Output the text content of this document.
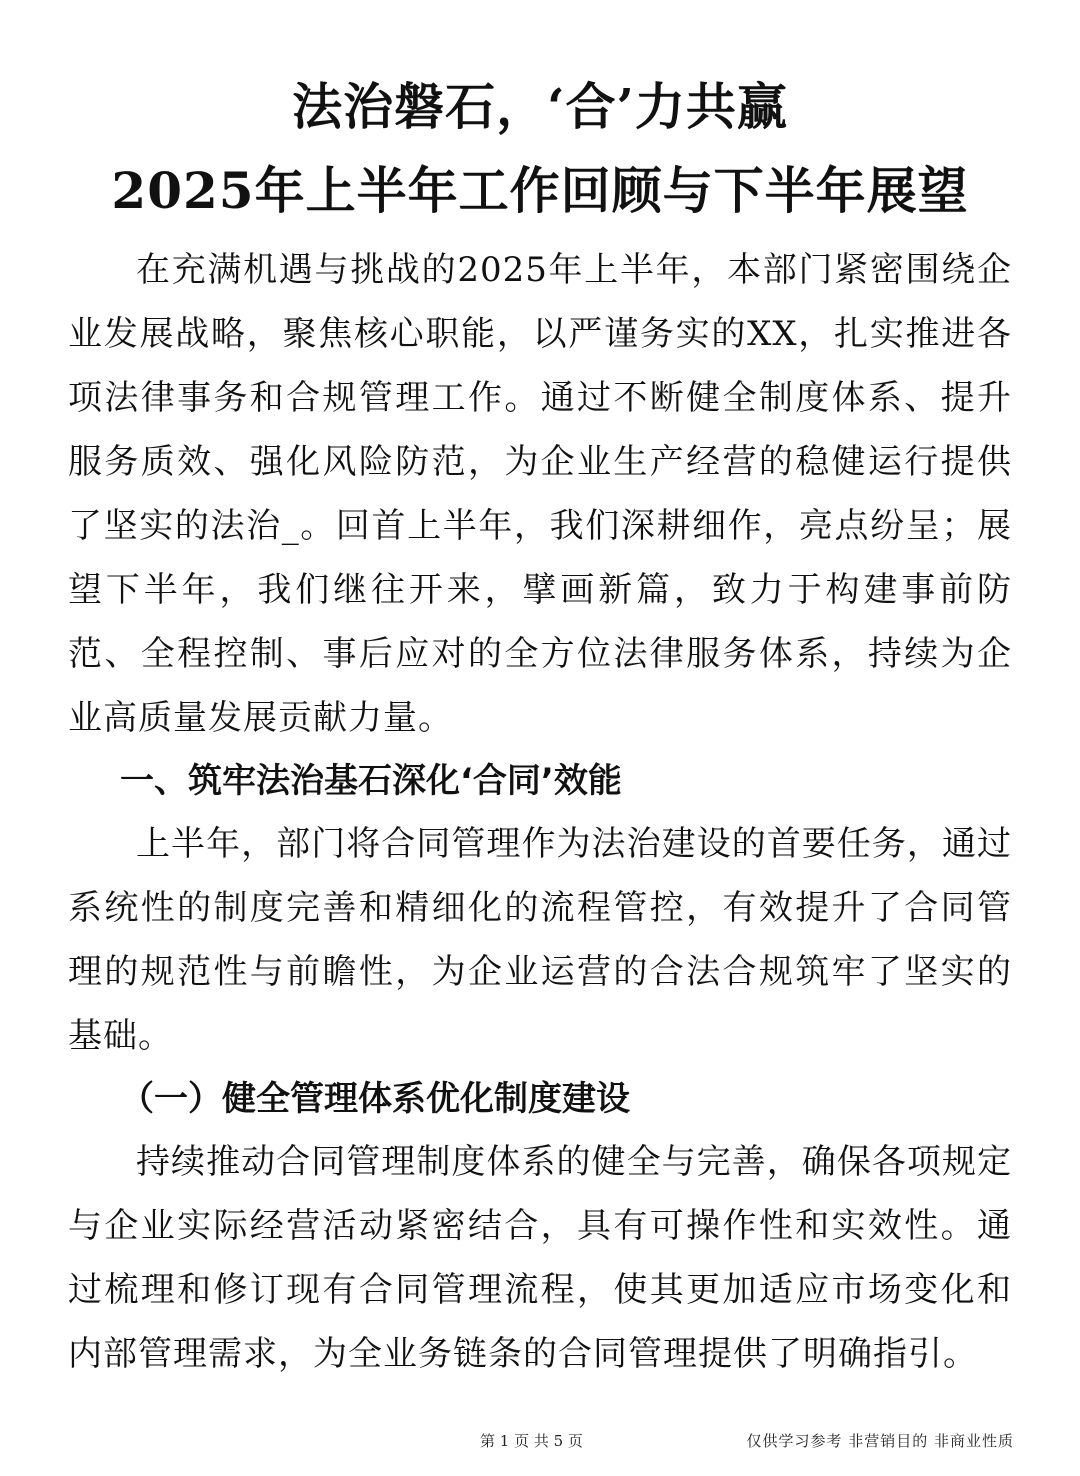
法治磐石，‘合’力共赢
2025年上半年工作回顾与下半年展望

在充满机遇与挑战的2025年上半年，本部门紧密围绕企业发展战略，聚焦核心职能，以严谨务实的XX，扎实推进各项法律事务和合规管理工作。通过不断健全制度体系、提升服务质效、强化风险防范，为企业生产经营的稳健运行提供了坚实的法治_。回首上半年，我们深耕细作，亮点纷呈；展望下半年，我们继往开来，擘画新篇，致力于构建事前防范、全程控制、事后应对的全方位法律服务体系，持续为企业高质量发展贡献力量。

一、筑牢法治基石深化‘合同’效能

上半年，部门将合同管理作为法治建设的首要任务，通过系统性的制度完善和精细化的流程管控，有效提升了合同管理的规范性与前瞻性，为企业运营的合法合规筑牢了坚实的基础。

（一）健全管理体系优化制度建设

持续推动合同管理制度体系的健全与完善，确保各项规定与企业实际经营活动紧密结合，具有可操作性和实效性。通过梳理和修订现有合同管理流程，使其更加适应市场变化和内部管理需求，为全业务链条的合同管理提供了明确指引。

第 1 页 共 5 页	仅供学习参考 非营销目的 非商业性质
